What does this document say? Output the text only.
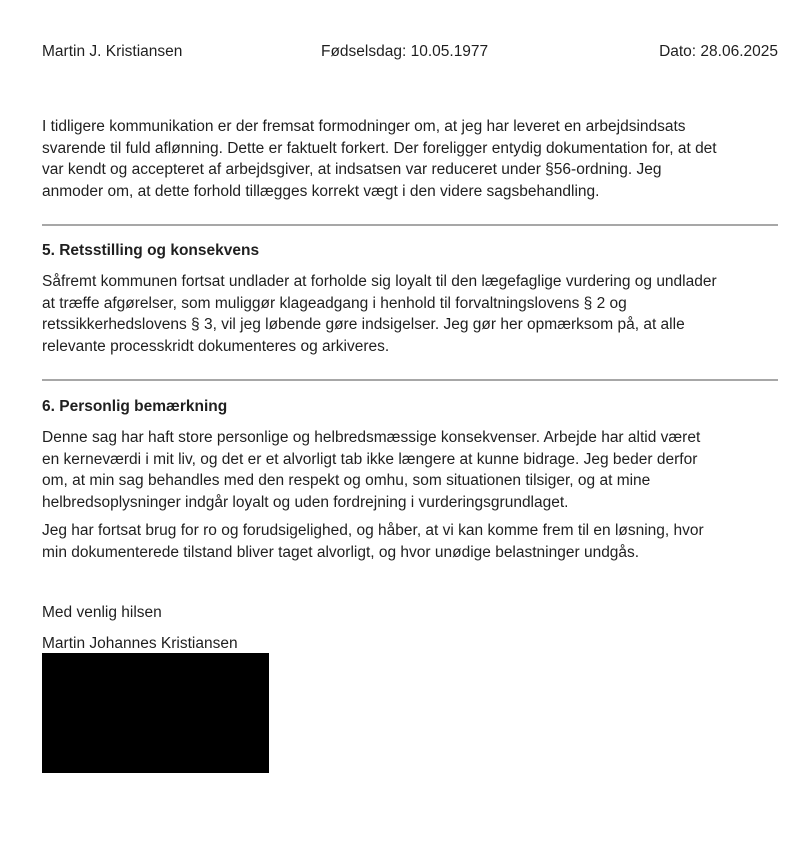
Martin J. Kristiansen	Fødselsdag: 10.05.1977	Dato: 28.06.2025

I tidligere kommunikation er der fremsat formodninger om, at jeg har leveret en arbejdsindsats
svarende til fuld aflønning. Dette er faktuelt forkert. Der foreligger entydig dokumentation for, at det
var kendt og accepteret af arbejdsgiver, at indsatsen var reduceret under §56-ordning. Jeg
anmoder om, at dette forhold tillægges korrekt vægt i den videre sagsbehandling.

5. Retsstilling og konsekvens

Såfremt kommunen fortsat undlader at forholde sig loyalt til den lægefaglige vurdering og undlader
at træffe afgørelser, som muliggør klageadgang i henhold til forvaltningslovens § 2 og
retssikkerhedslovens § 3, vil jeg løbende gøre indsigelser. Jeg gør her opmærksom på, at alle
relevante processkridt dokumenteres og arkiveres.

6. Personlig bemærkning

Denne sag har haft store personlige og helbredsmæssige konsekvenser. Arbejde har altid været
en kerneværdi i mit liv, og det er et alvorligt tab ikke længere at kunne bidrage. Jeg beder derfor
om, at min sag behandles med den respekt og omhu, som situationen tilsiger, og at mine
helbredsoplysninger indgår loyalt og uden fordrejning i vurderingsgrundlaget.

Jeg har fortsat brug for ro og forudsigelighed, og håber, at vi kan komme frem til en løsning, hvor
min dokumenterede tilstand bliver taget alvorligt, og hvor unødige belastninger undgås.

Med venlig hilsen

Martin Johannes Kristiansen
